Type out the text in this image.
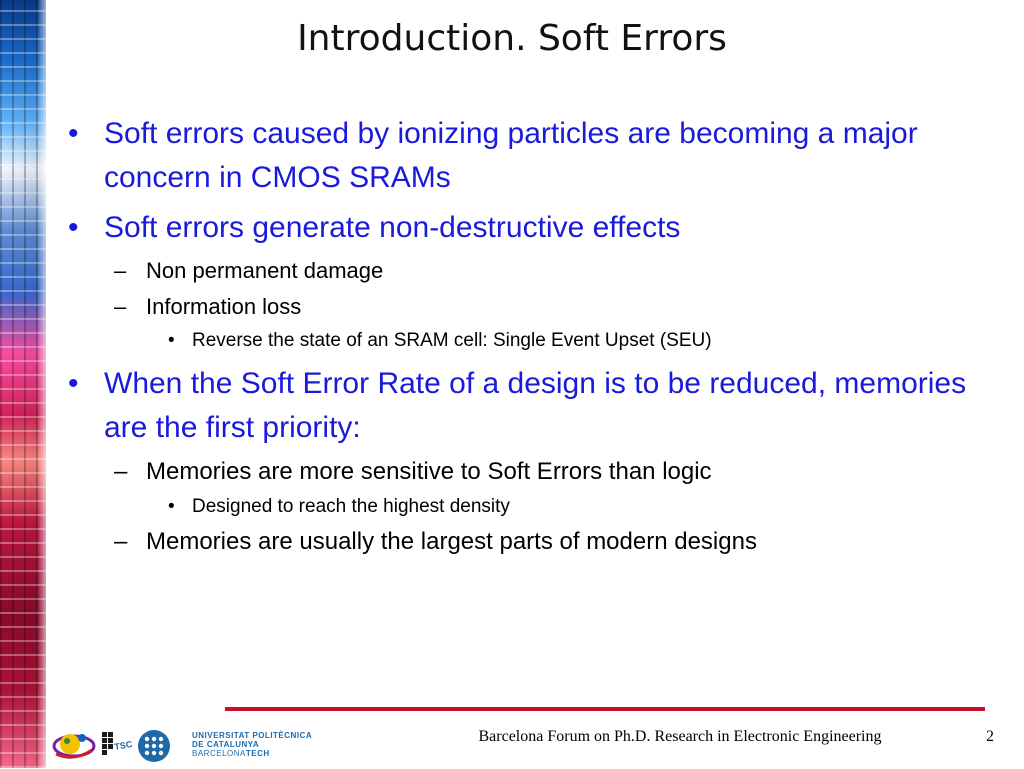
Introduction. Soft Errors
• Soft errors caused by ionizing particles are becoming a major concern in CMOS SRAMs
• Soft errors generate non-destructive effects
– Non permanent damage
– Information loss
• Reverse the state of an SRAM cell: Single Event Upset (SEU)
• When the Soft Error Rate of a design is to be reduced, memories are the first priority:
– Memories are more sensitive to Soft Errors than logic
• Designed to reach the highest density
– Memories are usually the largest parts of modern designs
TSC
UNIVERSITAT POLITÈCNICA
DE CATALUNYA
BARCELONATECH
Barcelona Forum on Ph.D. Research in Electronic Engineering	2
